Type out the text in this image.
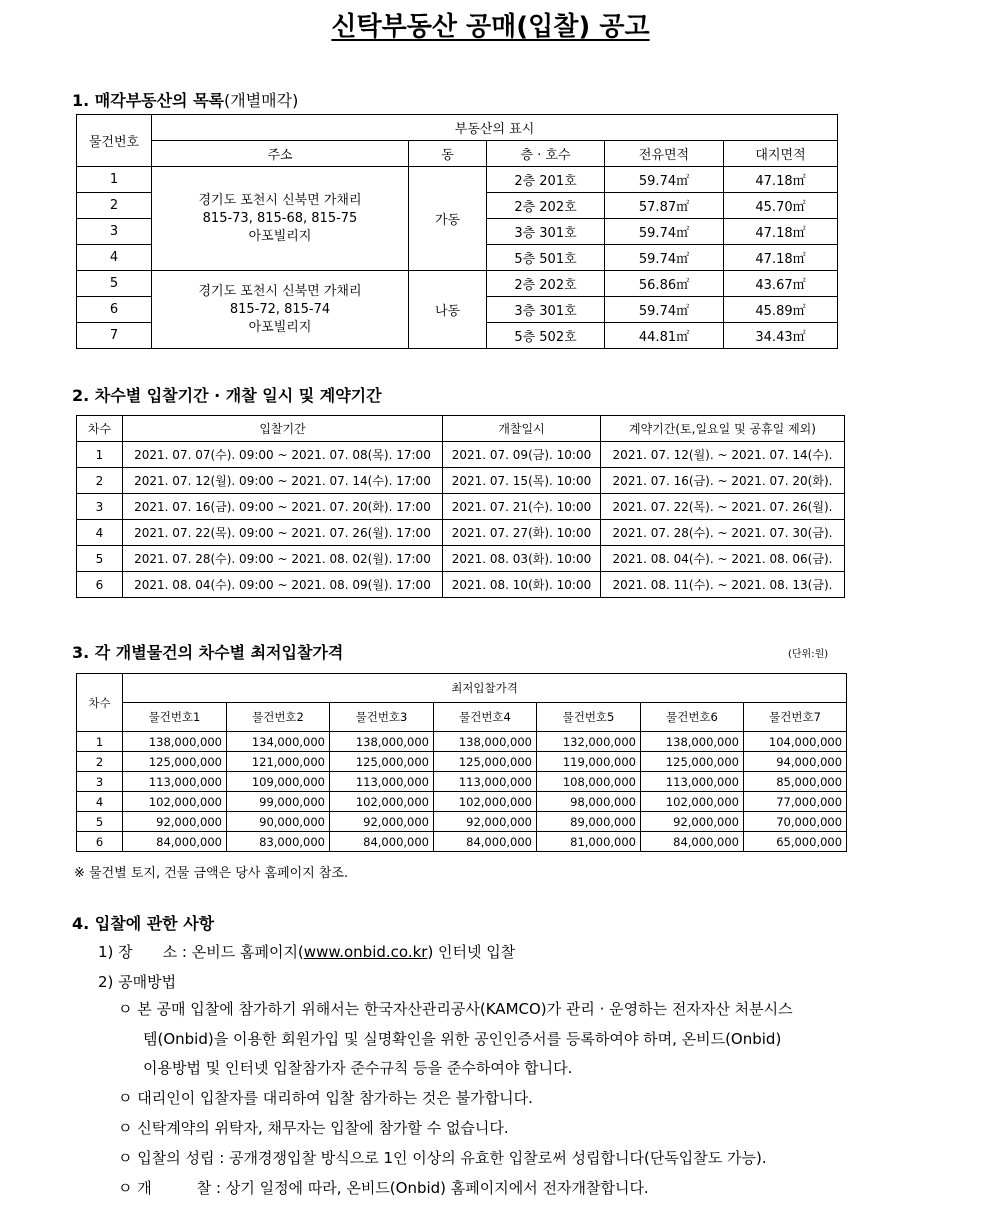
신탁부동산 공매(입찰) 공고
1. 매각부동산의 목록(개별매각)
물건번호	부동산의 표시				
	주소	동	층 · 호수	전유면적	대지면적
1	경기도 포천시 신북면 가채리
815-73, 815-68, 815-75
아포빌리지	가동	2층 201호	59.74㎡	47.18㎡
2			2층 202호	57.87㎡	45.70㎡
3			3층 301호	59.74㎡	47.18㎡
4			5층 501호	59.74㎡	47.18㎡
5	경기도 포천시 신북면 가채리
815-72, 815-74
아포빌리지	나동	2층 202호	56.86㎡	43.67㎡
6			3층 301호	59.74㎡	45.89㎡
7			5층 502호	44.81㎡	34.43㎡
2. 차수별 입찰기간 · 개찰 일시 및 계약기간
차수	입찰기간	개찰일시	계약기간(토,일요일 및 공휴일 제외)
1	2021. 07. 07(수). 09:00 ~ 2021. 07. 08(목). 17:00	2021. 07. 09(금). 10:00	2021. 07. 12(월). ~ 2021. 07. 14(수).
2	2021. 07. 12(월). 09:00 ~ 2021. 07. 14(수). 17:00	2021. 07. 15(목). 10:00	2021. 07. 16(금). ~ 2021. 07. 20(화).
3	2021. 07. 16(금). 09:00 ~ 2021. 07. 20(화). 17:00	2021. 07. 21(수). 10:00	2021. 07. 22(목). ~ 2021. 07. 26(월).
4	2021. 07. 22(목). 09:00 ~ 2021. 07. 26(월). 17:00	2021. 07. 27(화). 10:00	2021. 07. 28(수). ~ 2021. 07. 30(금).
5	2021. 07. 28(수). 09:00 ~ 2021. 08. 02(월). 17:00	2021. 08. 03(화). 10:00	2021. 08. 04(수). ~ 2021. 08. 06(금).
6	2021. 08. 04(수). 09:00 ~ 2021. 08. 09(월). 17:00	2021. 08. 10(화). 10:00	2021. 08. 11(수). ~ 2021. 08. 13(금).
3. 각 개별물건의 차수별 최저입찰가격	(단위:원)
차수	최저입찰가격						
	물건번호1	물건번호2	물건번호3	물건번호4	물건번호5	물건번호6	물건번호7
1	138,000,000	134,000,000	138,000,000	138,000,000	132,000,000	138,000,000	104,000,000
2	125,000,000	121,000,000	125,000,000	125,000,000	119,000,000	125,000,000	94,000,000
3	113,000,000	109,000,000	113,000,000	113,000,000	108,000,000	113,000,000	85,000,000
4	102,000,000	99,000,000	102,000,000	102,000,000	98,000,000	102,000,000	77,000,000
5	92,000,000	90,000,000	92,000,000	92,000,000	89,000,000	92,000,000	70,000,000
6	84,000,000	83,000,000	84,000,000	84,000,000	81,000,000	84,000,000	65,000,000
※ 물건별 토지, 건물 금액은 당사 홈페이지 참조.
4. 입찰에 관한 사항
1) 장　　소 : 온비드 홈페이지(www.onbid.co.kr) 인터넷 입찰
2) 공매방법
ㅇ 본 공매 입찰에 참가하기 위해서는 한국자산관리공사(KAMCO)가 관리 · 운영하는 전자자산 처분시스
템(Onbid)을 이용한 회원가입 및 실명확인을 위한 공인인증서를 등록하여야 하며, 온비드(Onbid)
이용방법 및 인터넷 입찰참가자 준수규칙 등을 준수하여야 합니다.
ㅇ 대리인이 입찰자를 대리하여 입찰 참가하는 것은 불가합니다.
ㅇ 신탁계약의 위탁자, 채무자는 입찰에 참가할 수 없습니다.
ㅇ 입찰의 성립 : 공개경쟁입찰 방식으로 1인 이상의 유효한 입찰로써 성립합니다(단독입찰도 가능).
ㅇ 개　　　찰 : 상기 일정에 따라, 온비드(Onbid) 홈페이지에서 전자개찰합니다.
